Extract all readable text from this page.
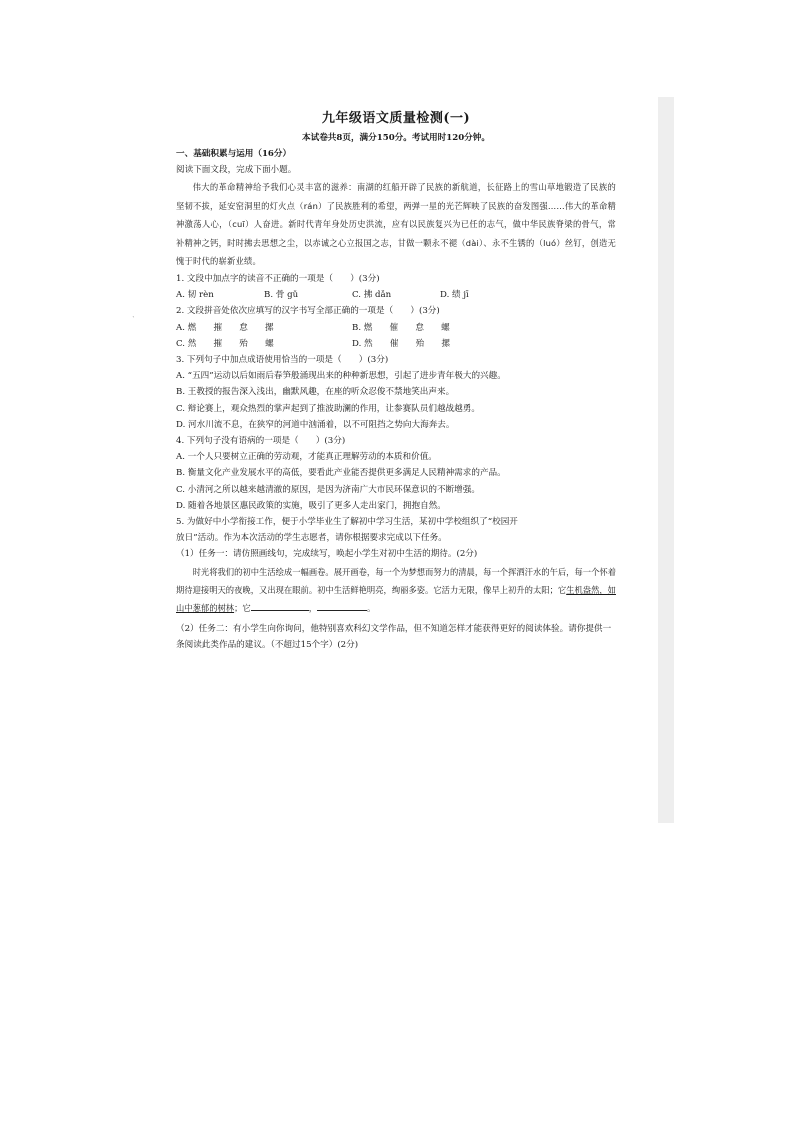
`
九年级语文质量检测(一)
本试卷共8页，满分150分。考试用时120分钟。
一、基础积累与运用（16分）
阅读下面文段，完成下面小题。
伟大的革命精神给予我们心灵丰富的滋养：南湖的红船开辟了民族的新航道，长征路上的雪山草地锻造了民族的坚韧不拔，延安窑洞里的灯火点（rán）了民族胜利的希望，两弹一星的光芒辉映了民族的奋发图强……伟大的革命精神激荡人心，（cuī）人奋进。新时代青年身处历史洪流，应有以民族复兴为已任的志气，做中华民族脊梁的骨气，常补精神之钙，时时拂去思想之尘，以赤诚之心立报国之志，甘做一颗永不褪（dài）、永不生锈的（luó）丝钉，创造无愧于时代的崭新业绩。
1. 文段中加点字的读音不正确的一项是（　　）(3分)
A. 韧 rèn	B. 骨 gǔ	C. 拂 dǎn	D. 绩 jī
2. 文段拼音处依次应填写的汉字书写全部正确的一项是（　　）(3分)
A. 燃　　摧　　怠　　摞	B. 燃　　催　　怠　　螺
C. 然　　摧　　殆　　螺	D. 然　　催　　殆　　摞
3. 下列句子中加点成语使用恰当的一项是（　　）(3分)
A. “五四”运动以后如雨后春笋般涌现出来的种种新思想，引起了进步青年极大的兴趣。
B. 王教授的报告深入浅出，幽默风趣，在座的听众忍俊不禁地笑出声来。
C. 辩论赛上，观众热烈的掌声起到了推波助澜的作用，让参赛队员们越战越勇。
D. 河水川流不息，在狭窄的河道中汹涌着，以不可阻挡之势向大海奔去。
4. 下列句子没有语病的一项是（　　）(3分)
A. 一个人只要树立正确的劳动观，才能真正理解劳动的本质和价值。
B. 衡量文化产业发展水平的高低，要看此产业能否提供更多满足人民精神需求的产品。
C. 小清河之所以越来越清澈的原因，是因为济南广大市民环保意识的不断增强。
D. 随着各地景区惠民政策的实施，吸引了更多人走出家门，拥抱自然。
5. 为做好中小学衔接工作，便于小学毕业生了解初中学习生活，某初中学校组织了“校园开
放日”活动。作为本次活动的学生志愿者，请你根据要求完成以下任务。
（1）任务一：请仿照画线句，完成续写，唤起小学生对初中生活的期待。(2分)
时光将我们的初中生活绘成一幅画卷。展开画卷，每一个为梦想而努力的清晨，每一个挥洒汗水的午后，每一个怀着期待迎接明天的夜晚，又出现在眼前。初中生活鲜艳明亮，绚丽多姿。它活力无限，像早上初升的太阳；它生机盎然，如山中葱郁的树林；它	，	。
（2）任务二：有小学生向你询问，他特别喜欢科幻文学作品，但不知道怎样才能获得更好的阅读体验。请你提供一条阅读此类作品的建议。（不超过15个字）(2分)
